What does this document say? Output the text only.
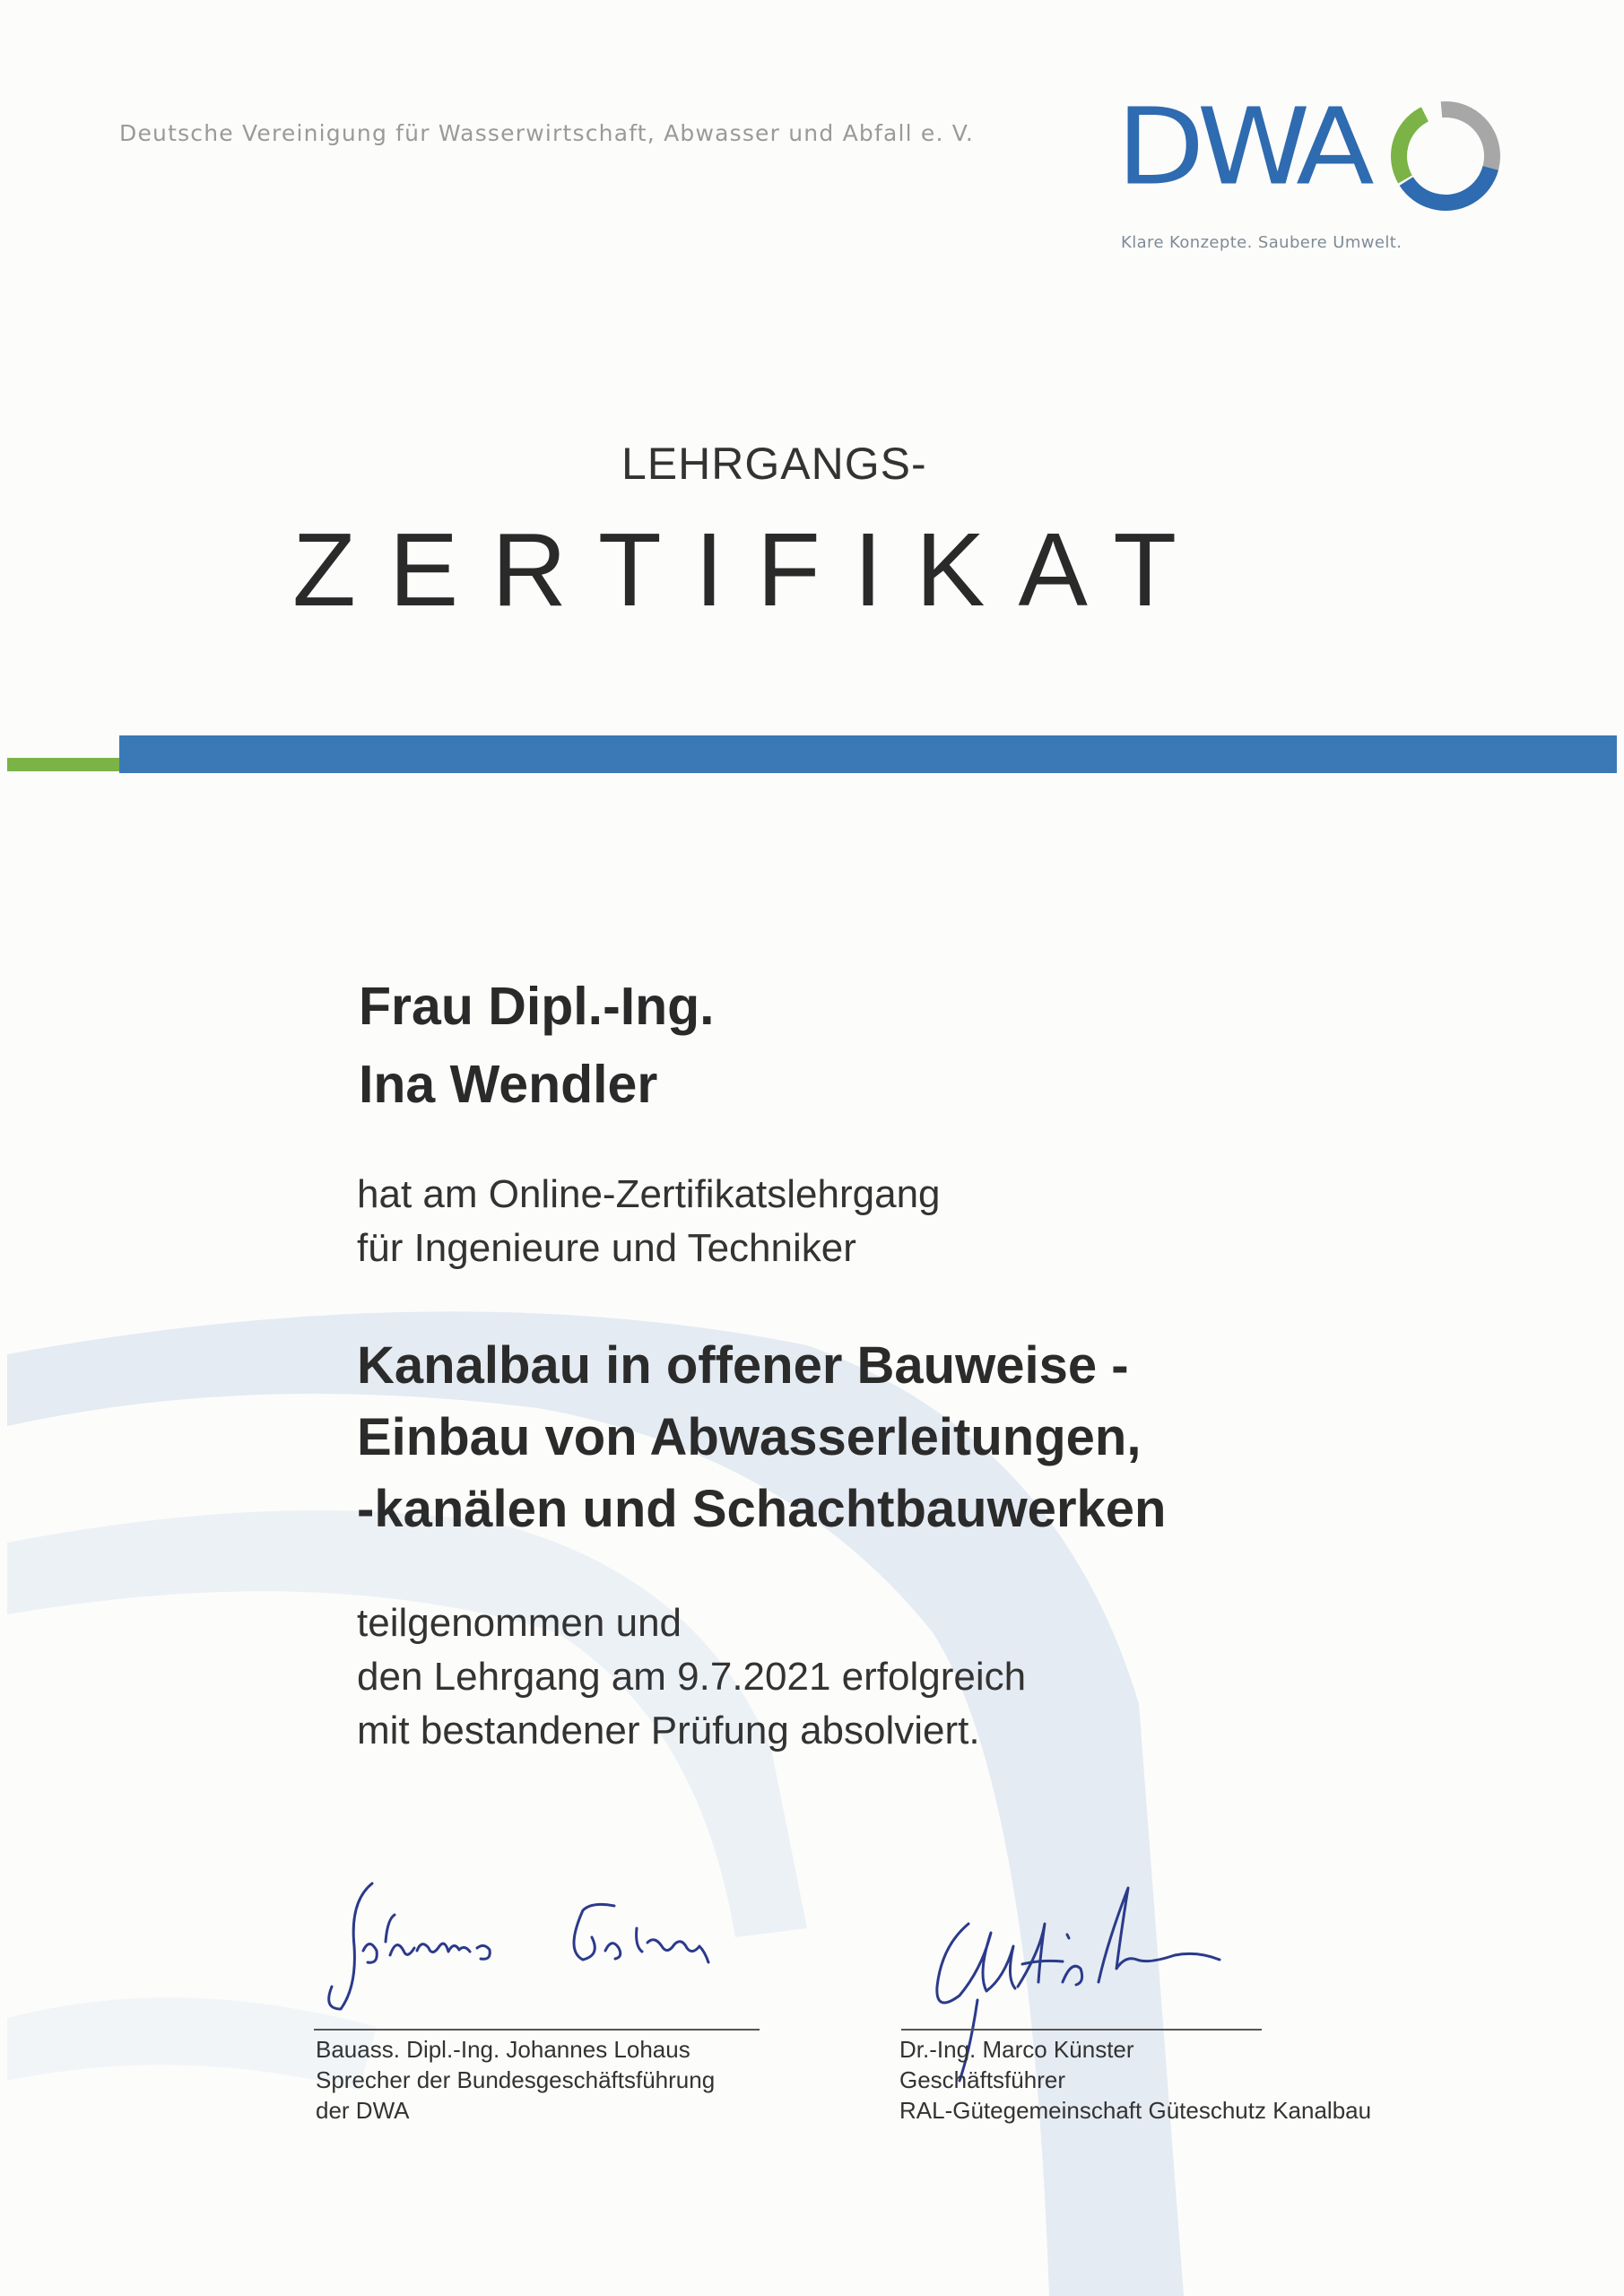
Deutsche Vereinigung für Wasserwirtschaft, Abwasser und Abfall e. V. DWA
Klare Konzepte. Saubere Umwelt.
LEHRGANGS-
ZERTIFIKAT
Frau Dipl.-Ing.
Ina Wendler
hat am Online-Zertifikatslehrgang
für Ingenieure und Techniker
Kanalbau in offener Bauweise -
Einbau von Abwasserleitungen,
-kanälen und Schachtbauwerken
teilgenommen und
den Lehrgang am 9.7.2021 erfolgreich
mit bestandener Prüfung absolviert.
Bauass. Dipl.-Ing. Johannes Lohaus
Sprecher der Bundesgeschäftsführung
der DWA
Dr.-Ing. Marco Künster
Geschäftsführer
RAL-Gütegemeinschaft Güteschutz Kanalbau
